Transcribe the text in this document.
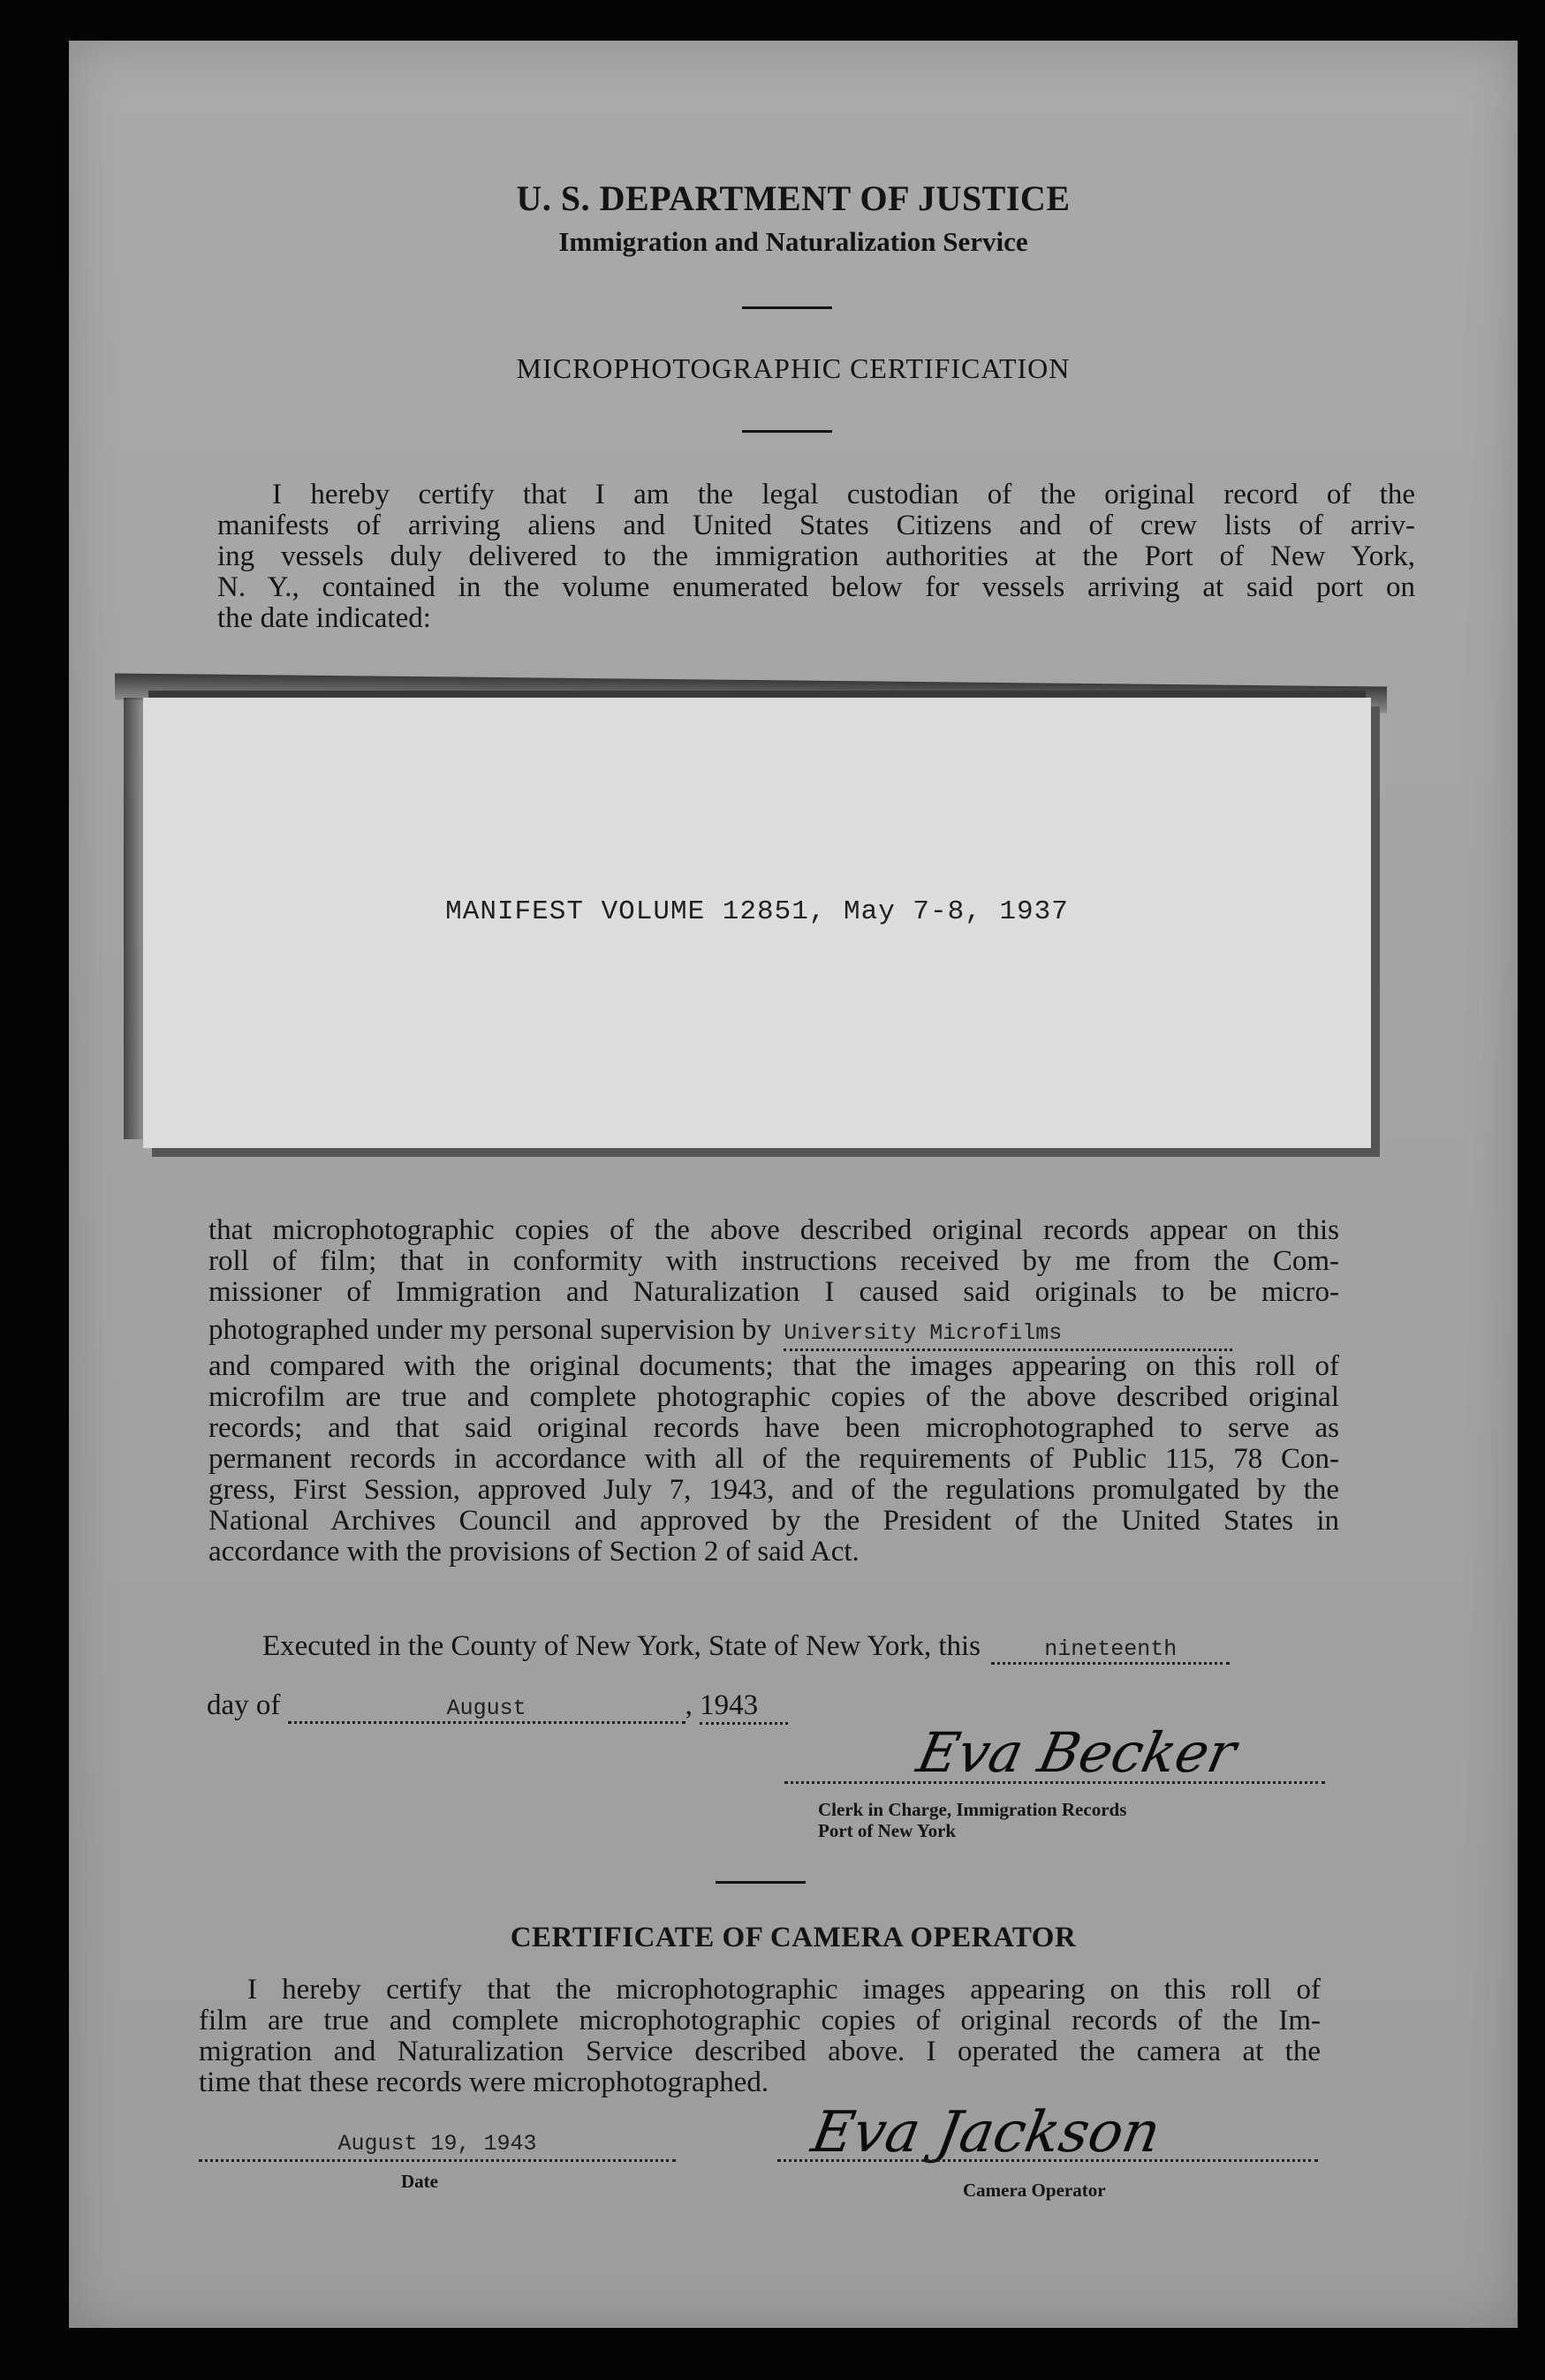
U. S. DEPARTMENT OF JUSTICE
Immigration and Naturalization Service
MICROPHOTOGRAPHIC CERTIFICATION
I hereby certify that I am the legal custodian of the original record of the
manifests of arriving aliens and United States Citizens and of crew lists of arriv-
ing vessels duly delivered to the immigration authorities at the Port of New York,
N. Y., contained in the volume enumerated below for vessels arriving at said port on
the date indicated:
MANIFEST VOLUME 12851, May 7-8, 1937
that microphotographic copies of the above described original records appear on this
roll of film; that in conformity with instructions received by me from the Com-
missioner of Immigration and Naturalization I caused said originals to be micro-
photographed under my personal supervision by University Microfilms
and compared with the original documents; that the images appearing on this roll of
microfilm are true and complete photographic copies of the above described original
records; and that said original records have been microphotographed to serve as
permanent records in accordance with all of the requirements of Public 115, 78 Con-
gress, First Session, approved July 7, 1943, and of the regulations promulgated by the
National Archives Council and approved by the President of the United States in
accordance with the provisions of Section 2 of said Act.
Executed in the County of New York, State of New York, this	nineteenth
day of	August	, 1943
Eva Becker
Clerk in Charge, Immigration Records
Port of New York
CERTIFICATE OF CAMERA OPERATOR
I hereby certify that the microphotographic images appearing on this roll of
film are true and complete microphotographic copies of original records of the Im-
migration and Naturalization Service described above. I operated the camera at the
time that these records were microphotographed.
August 19, 1943
Date
Eva Jackson
Camera Operator
